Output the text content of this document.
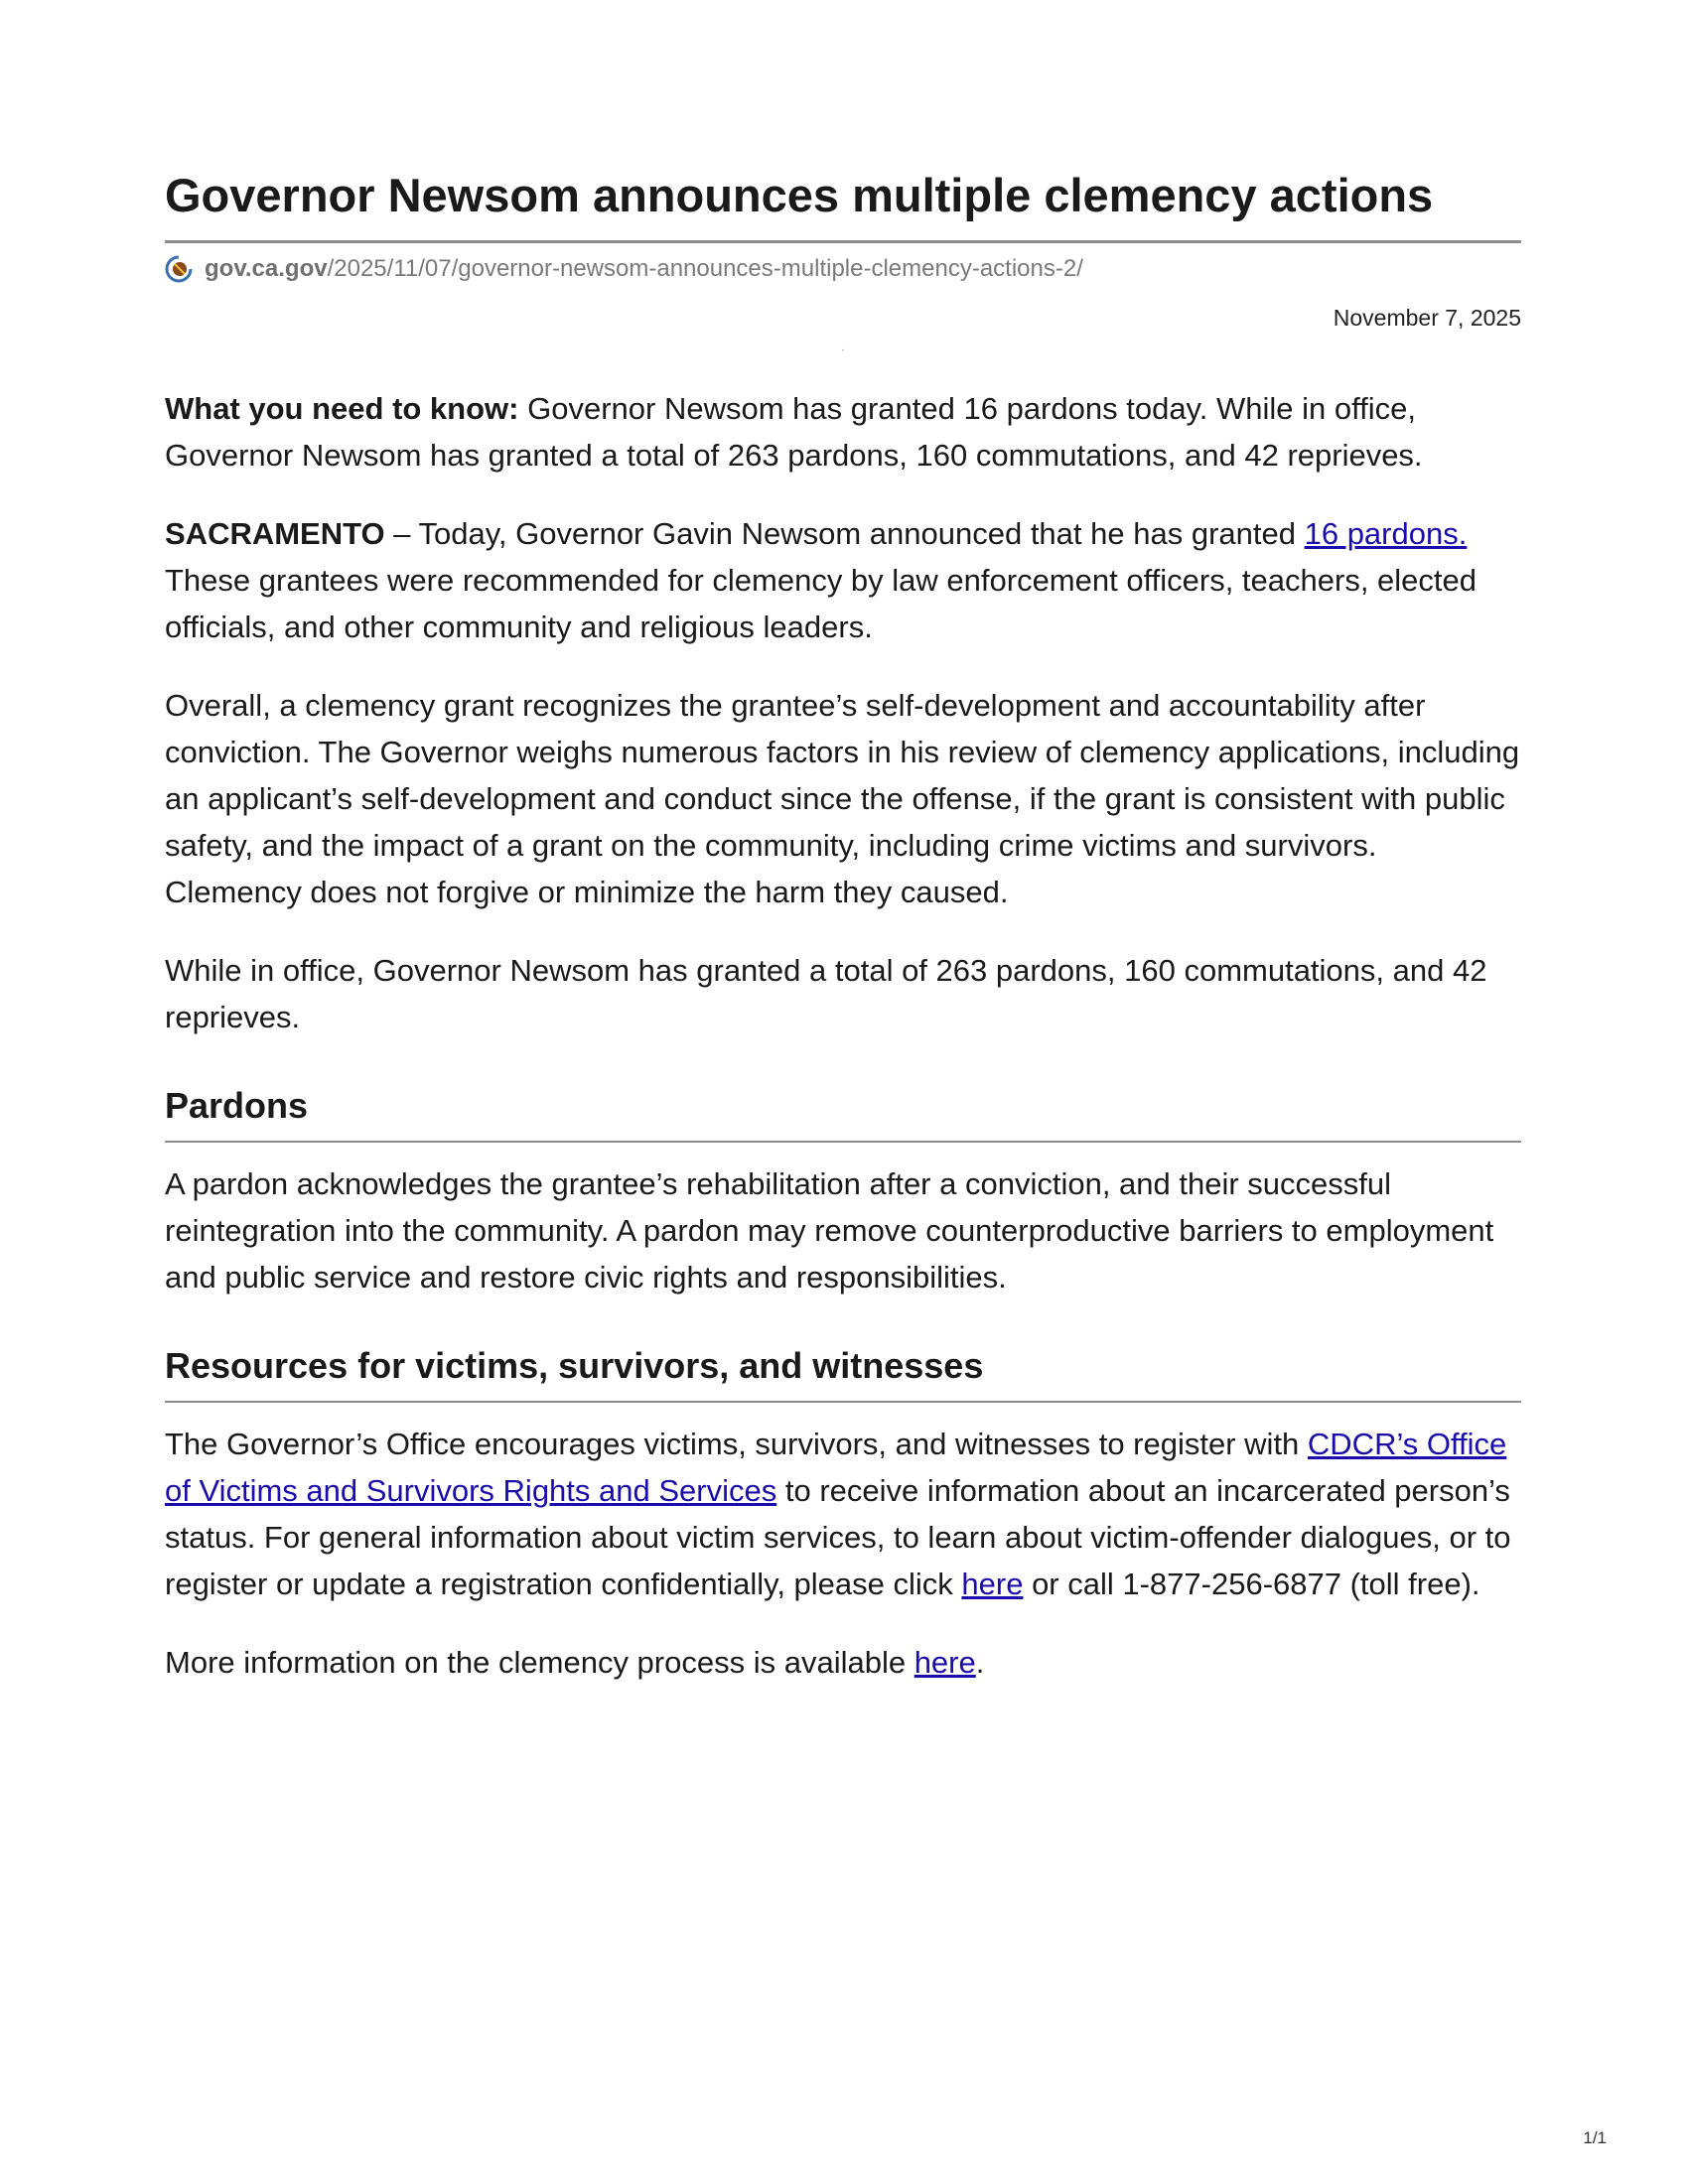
Governor Newsom announces multiple clemency actions
gov.ca.gov /2025/11/07/governor-newsom-announces-multiple-clemency-actions-2/
November 7, 2025
.

What you need to know: Governor Newsom has granted 16 pardons today. While in office, Governor Newsom has granted a total of 263 pardons, 160 commutations, and 42 reprieves.

SACRAMENTO – Today, Governor Gavin Newsom announced that he has granted 16 pardons. These grantees were recommended for clemency by law enforcement officers, teachers, elected officials, and other community and religious leaders.

Overall, a clemency grant recognizes the grantee’s self-development and accountability after conviction. The Governor weighs numerous factors in his review of clemency applications, including an applicant’s self-development and conduct since the offense, if the grant is consistent with public safety, and the impact of a grant on the community, including crime victims and survivors. Clemency does not forgive or minimize the harm they caused.

While in office, Governor Newsom has granted a total of 263 pardons, 160 commutations, and 42 reprieves.

Pardons

A pardon acknowledges the grantee’s rehabilitation after a conviction, and their successful reintegration into the community. A pardon may remove counterproductive barriers to employment and public service and restore civic rights and responsibilities.

Resources for victims, survivors, and witnesses

The Governor’s Office encourages victims, survivors, and witnesses to register with CDCR’s Office of Victims and Survivors Rights and Services to receive information about an incarcerated person’s status. For general information about victim services, to learn about victim-offender dialogues, or to register or update a registration confidentially, please click here or call 1-877-256-6877 (toll free).

More information on the clemency process is available here.

1/1
